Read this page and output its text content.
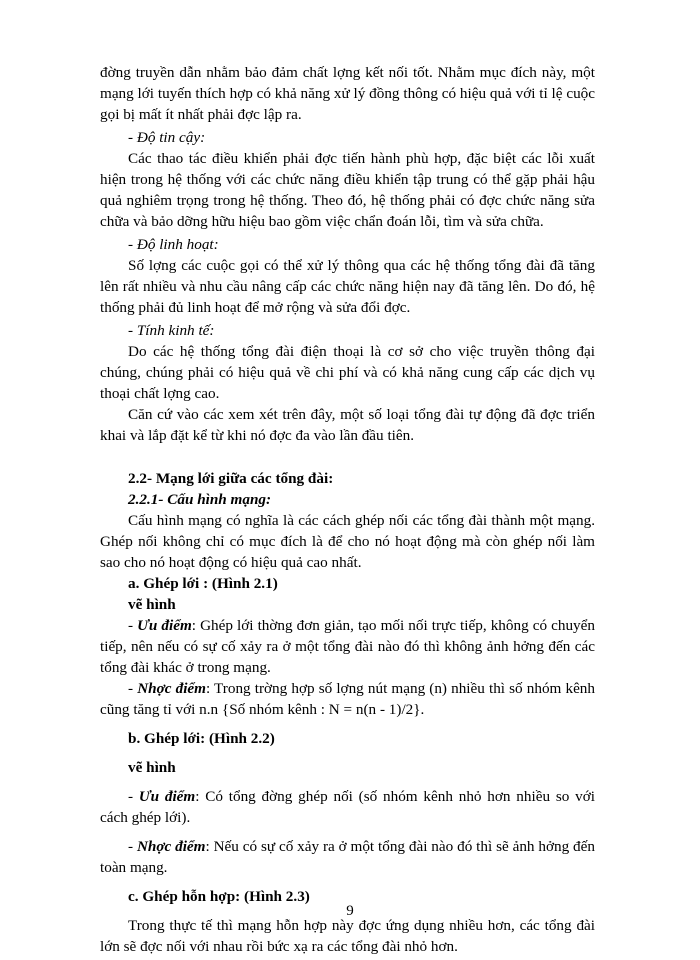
đờng truyền dẫn nhằm bảo đảm chất lợng kết nối tốt. Nhằm mục đích này, một mạng lới tuyến thích hợp có khả năng xử lý đồng thông có hiệu quả với tỉ lệ cuộc gọi bị mất ít nhất phải đợc lập ra.

- Độ tin cậy:

Các thao tác điều khiển phải đợc tiến hành phù hợp, đặc biệt các lỗi xuất hiện trong hệ thống với các chức năng điều khiển tập trung có thể gặp phải hậu quả nghiêm trọng trong hệ thống. Theo đó, hệ thống phải có đợc chức năng sửa chữa và bảo dỡng hữu hiệu bao gồm việc chẩn đoán lỗi, tìm và sửa chữa.

- Độ linh hoạt:

Số lợng các cuộc gọi có thể xử lý thông qua các hệ thống tổng đài đã tăng lên rất nhiều và nhu cầu nâng cấp các chức năng hiện nay đã tăng lên. Do đó, hệ thống phải đủ linh hoạt để mở rộng và sửa đổi đợc.

- Tính kinh tế:

Do các hệ thống tổng đài điện thoại là cơ sở cho việc truyền thông đại chúng, chúng phải có hiệu quả về chi phí và có khả năng cung cấp các dịch vụ thoại chất lợng cao.

Căn cứ vào các xem xét trên đây, một số loại tổng đài tự động đã đợc triển khai và lắp đặt kể từ khi nó đợc đa vào lần đầu tiên.

2.2- Mạng lới giữa các tổng đài:

2.2.1- Cấu hình mạng:

Cấu hình mạng có nghĩa là các cách ghép nối các tổng đài thành một mạng. Ghép nối không chỉ có mục đích là để cho nó hoạt động mà còn ghép nối làm sao cho nó hoạt động có hiệu quả cao nhất.

a. Ghép lới : (Hình 2.1)

vẽ hình

- Ưu điểm: Ghép lới thờng đơn giản, tạo mối nối trực tiếp, không có chuyển tiếp, nên nếu có sự cố xảy ra ở một tổng đài nào đó thì không ảnh hởng đến các tổng đài khác ở trong mạng.

- Nhợc điểm: Trong trờng hợp số lợng nút mạng (n) nhiều thì số nhóm kênh cũng tăng tỉ với n.n {Số nhóm kênh : N = n(n - 1)/2}.

b. Ghép lới: (Hình 2.2)

vẽ hình

- Ưu điểm: Có tổng đờng ghép nối (số nhóm kênh nhỏ hơn nhiều so với cách ghép lới).

- Nhợc điểm: Nếu có sự cố xảy ra ở một tổng đài nào đó thì sẽ ảnh hởng đến toàn mạng.

c. Ghép hỗn hợp: (Hình 2.3)

Trong thực tế thì mạng hỗn hợp này đợc ứng dụng nhiều hơn, các tổng đài lớn sẽ đợc nối với nhau rồi bức xạ ra các tổng đài nhỏ hơn.

9
